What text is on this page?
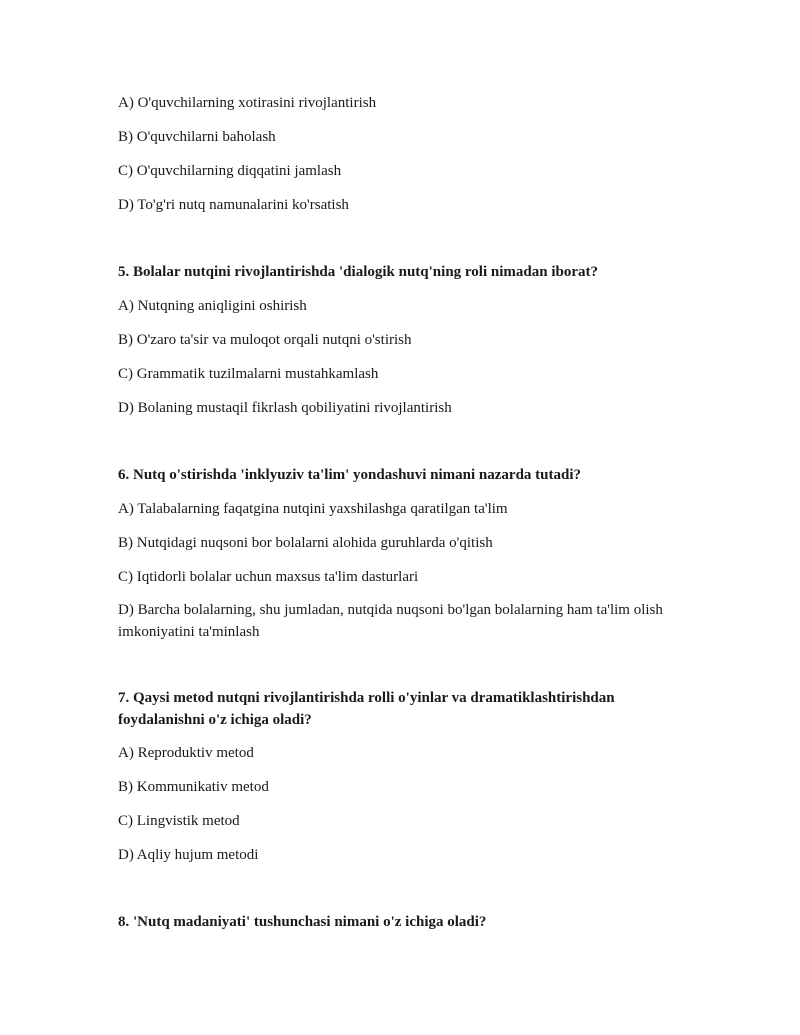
A) O'quvchilarning xotirasini rivojlantirish
B) O'quvchilarni baholash
C) O'quvchilarning diqqatini jamlash
D) To'g'ri nutq namunalarini ko'rsatish
5. Bolalar nutqini rivojlantirishda 'dialogik nutq'ning roli nimadan iborat?
A) Nutqning aniqligini oshirish
B) O'zaro ta'sir va muloqot orqali nutqni o'stirish
C) Grammatik tuzilmalarni mustahkamlash
D) Bolaning mustaqil fikrlash qobiliyatini rivojlantirish
6. Nutq o'stirishda 'inklyuziv ta'lim' yondashuvi nimani nazarda tutadi?
A) Talabalarning faqatgina nutqini yaxshilashga qaratilgan ta'lim
B) Nutqidagi nuqsoni bor bolalarni alohida guruhlarda o'qitish
C) Iqtidorli bolalar uchun maxsus ta'lim dasturlari
D) Barcha bolalarning, shu jumladan, nutqida nuqsoni bo'lgan bolalarning ham ta'lim olish imkoniyatini ta'minlash
7. Qaysi metod nutqni rivojlantirishda rolli o'yinlar va dramatiklashtirishdan foydalanishni o'z ichiga oladi?
A) Reproduktiv metod
B) Kommunikativ metod
C) Lingvistik metod
D) Aqliy hujum metodi
8. 'Nutq madaniyati' tushunchasi nimani o'z ichiga oladi?
